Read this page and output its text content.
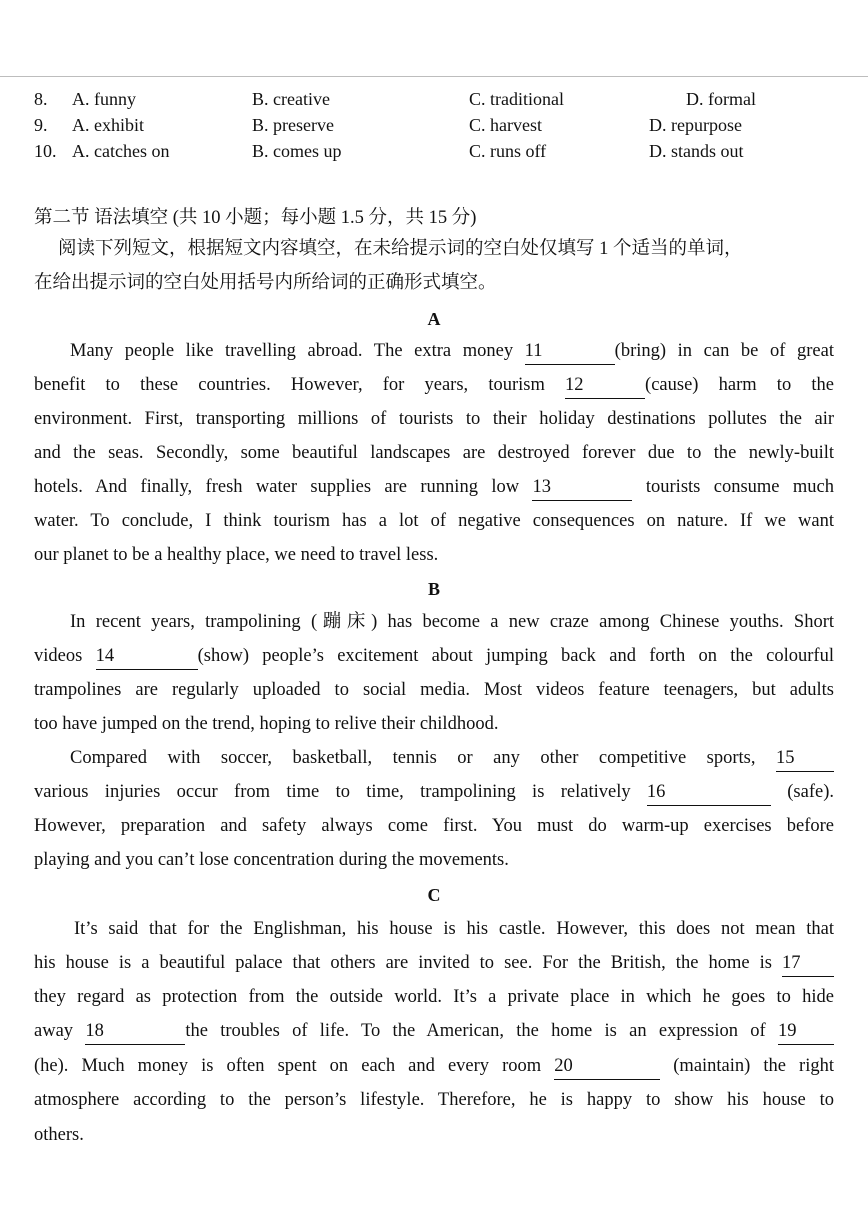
8. A. funny	B. creative	C. traditional	D. formal
9. A. exhibit	B. preserve	C. harvest	D. repurpose
10. A. catches on	B. comes up	C. runs off	D. stands out
第二节 语法填空 (共 10 小题；每小题 1.5 分，共 15 分)
阅读下列短文，根据短文内容填空，在未给提示词的空白处仅填写 1 个适当的单词，
在给出提示词的空白处用括号内所给词的正确形式填空。
A
Many people like travelling abroad. The extra money 11	(bring) in can be of great
benefit to these countries. However, for years, tourism 12	(cause) harm to the
environment. First, transporting millions of tourists to their holiday destinations pollutes the air
and the seas. Secondly, some beautiful landscapes are destroyed forever due to the newly-built
hotels. And finally, fresh water supplies are running low 13	tourists consume much
water. To conclude, I think tourism has a lot of negative consequences on nature. If we want
our planet to be a healthy place, we need to travel less.
B
In recent years, trampolining (蹦床) has become a new craze among Chinese youths. Short
videos 14	(show) people’s excitement about jumping back and forth on the colourful
trampolines are regularly uploaded to social media. Most videos feature teenagers, but adults
too have jumped on the trend, hoping to relive their childhood.
Compared with soccer, basketball, tennis or any other competitive sports, 15
various injuries occur from time to time, trampolining is relatively 16	(safe).
However, preparation and safety always come first. You must do warm-up exercises before
playing and you can’t lose concentration during the movements.
C
It’s said that for the Englishman, his house is his castle. However, this does not mean that
his house is a beautiful palace that others are invited to see. For the British, the home is 17
they regard as protection from the outside world. It’s a private place in which he goes to hide
away 18	the troubles of life. To the American, the home is an expression of 19
(he). Much money is often spent on each and every room 20	(maintain) the right
atmosphere according to the person’s lifestyle. Therefore, he is happy to show his house to
others.
